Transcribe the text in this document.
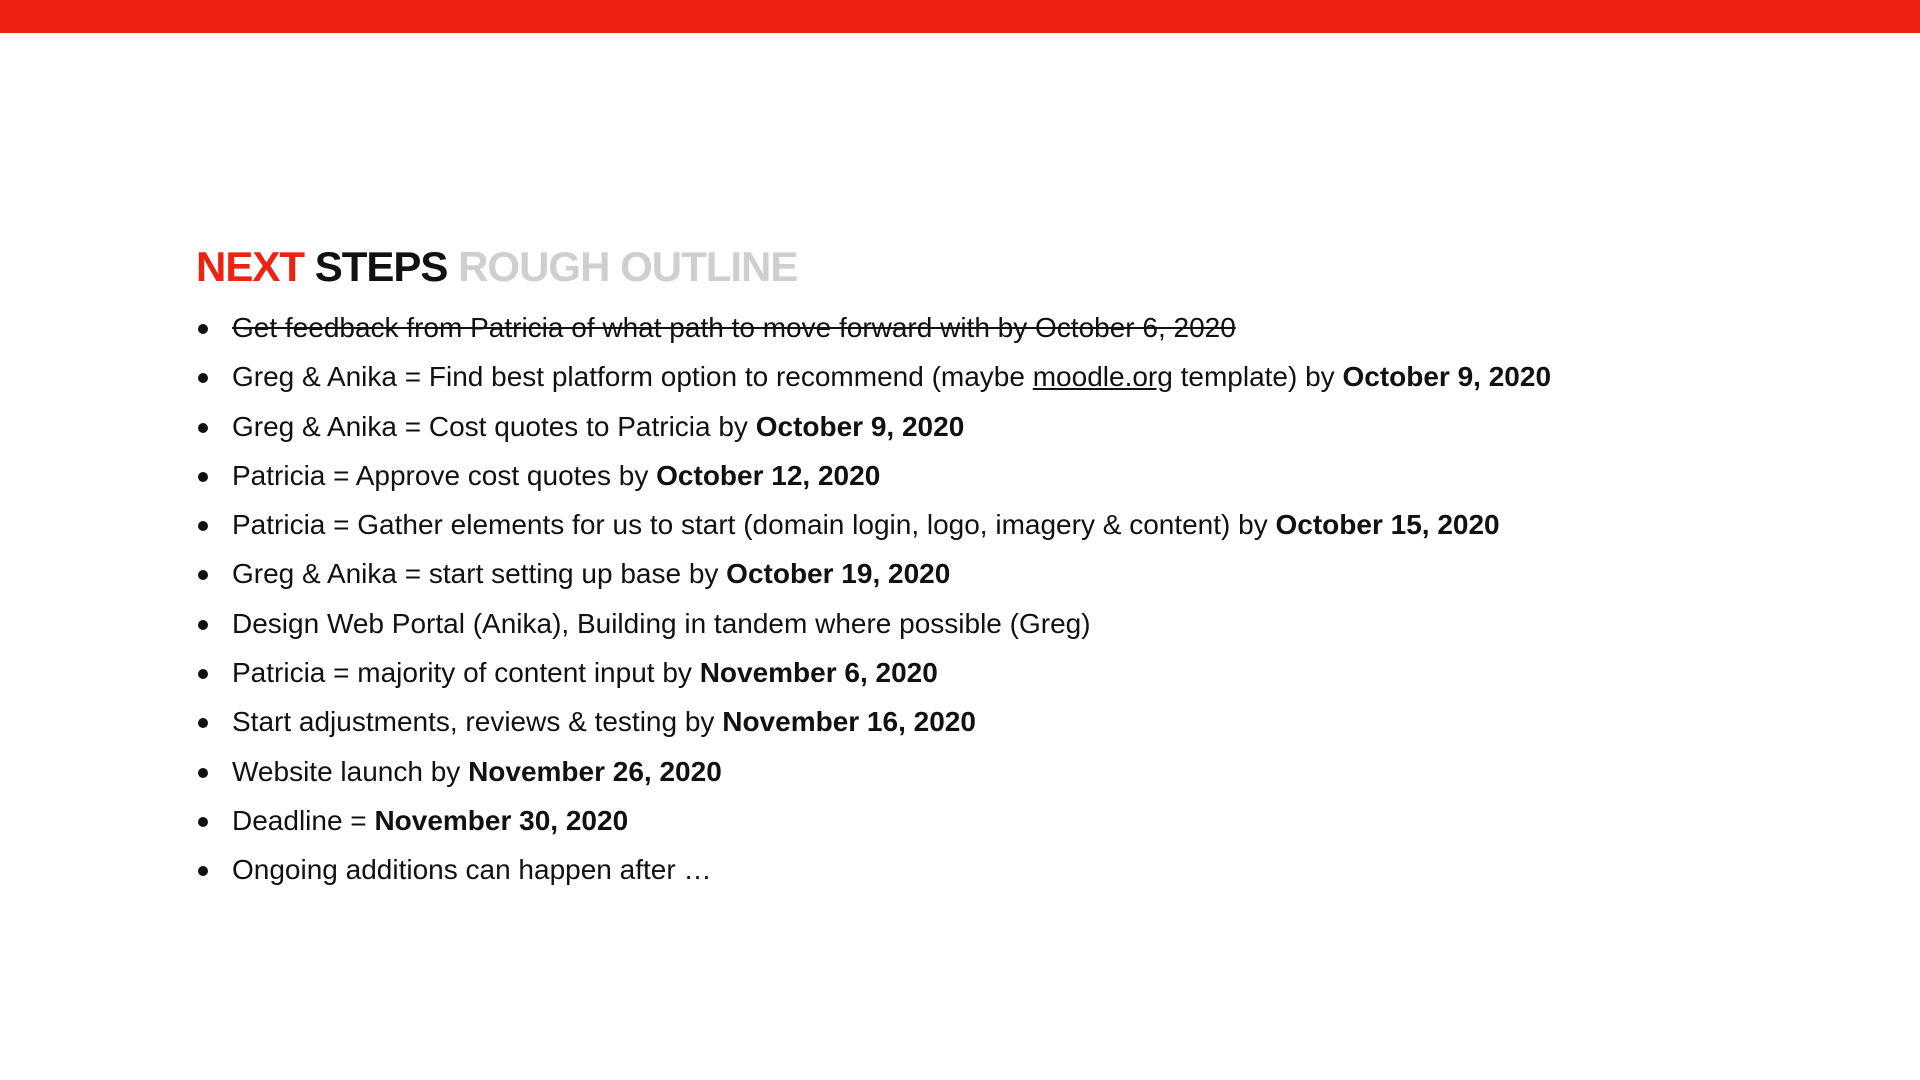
NEXT STEPS ROUGH OUTLINE
Get feedback from Patricia of what path to move forward with by October 6, 2020
Greg & Anika = Find best platform option to recommend (maybe moodle.org template) by October 9, 2020
Greg & Anika = Cost quotes to Patricia by October 9, 2020
Patricia = Approve cost quotes by October 12, 2020
Patricia = Gather elements for us to start (domain login, logo, imagery & content) by October 15, 2020
Greg & Anika = start setting up base by October 19, 2020
Design Web Portal (Anika), Building in tandem where possible (Greg)
Patricia = majority of content input by November 6, 2020
Start adjustments, reviews & testing by November 16, 2020
Website launch by November 26, 2020
Deadline = November 30, 2020
Ongoing additions can happen after …
